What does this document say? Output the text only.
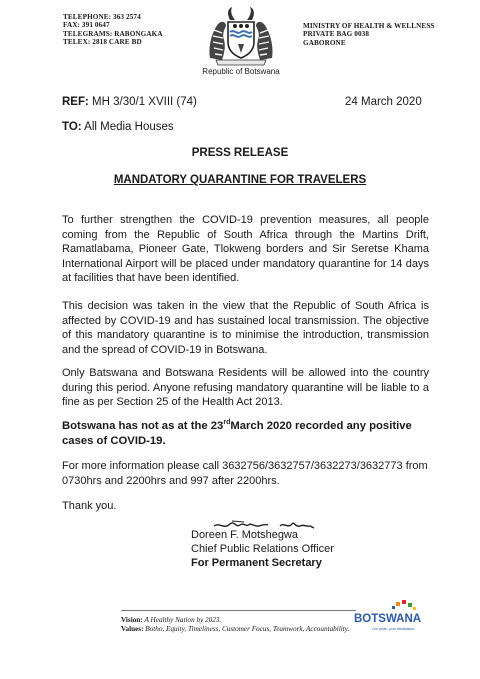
TELEPHONE: 363 2574
FAX: 391 0647
TELEGRAMS: RABONGAKA
TELEX: 2818 CARE BD
Republic of Botswana
MINISTRY OF HEALTH & WELLNESS
PRIVATE BAG 0038
GABORONE
REF: MH 3/30/1 XVIII (74)	24 March 2020
TO: All Media Houses
PRESS RELEASE
MANDATORY QUARANTINE FOR TRAVELERS
To further strengthen the COVID-19 prevention measures, all people coming from the Republic of South Africa through the Martins Drift, Ramatlabama, Pioneer Gate, Tlokweng borders and Sir Seretse Khama International Airport will be placed under mandatory quarantine for 14 days at facilities that have been identified.
This decision was taken in the view that the Republic of South Africa is affected by COVID-19 and has sustained local transmission. The objective of this mandatory quarantine is to minimise the introduction, transmission and the spread of COVID-19 in Botswana.
Only Batswana and Botswana Residents will be allowed into the country during this period. Anyone refusing mandatory quarantine will be liable to a fine as per Section 25 of the Health Act 2013.
Botswana has not as at the 23rdMarch 2020 recorded any positive cases of COVID-19.
For more information please call 3632756/3632757/3632273/3632773 from 0730hrs and 2200hrs and 997 after 2200hrs.
Thank you.
Doreen F. Motshegwa
Chief Public Relations Officer
For Permanent Secretary
Vision: A Healthy Nation by 2023.
Values: Botho, Equity, Timeliness, Customer Focus, Teamwork, Accountability.
BOTSWANA
Our pride, your destination
